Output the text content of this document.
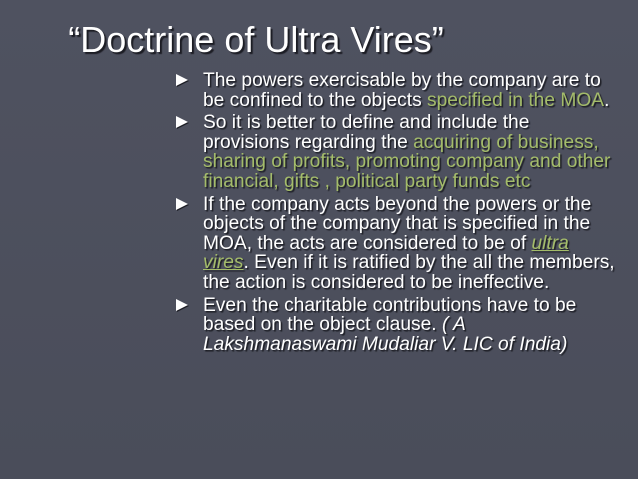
“Doctrine of Ultra Vires”
The powers exercisable by the company are to be confined to the objects specified in the MOA.
So it is better to define and include the provisions regarding the acquiring of business, sharing of profits, promoting company and other financial, gifts , political party funds etc
If the company acts beyond the powers or the objects of the company that is specified in the MOA, the acts are considered to be of ultra vires. Even if it is ratified by the all the members, the action is considered to be ineffective.
Even the charitable contributions have to be based on the object clause. ( A Lakshmanaswami Mudaliar V. LIC of India)
